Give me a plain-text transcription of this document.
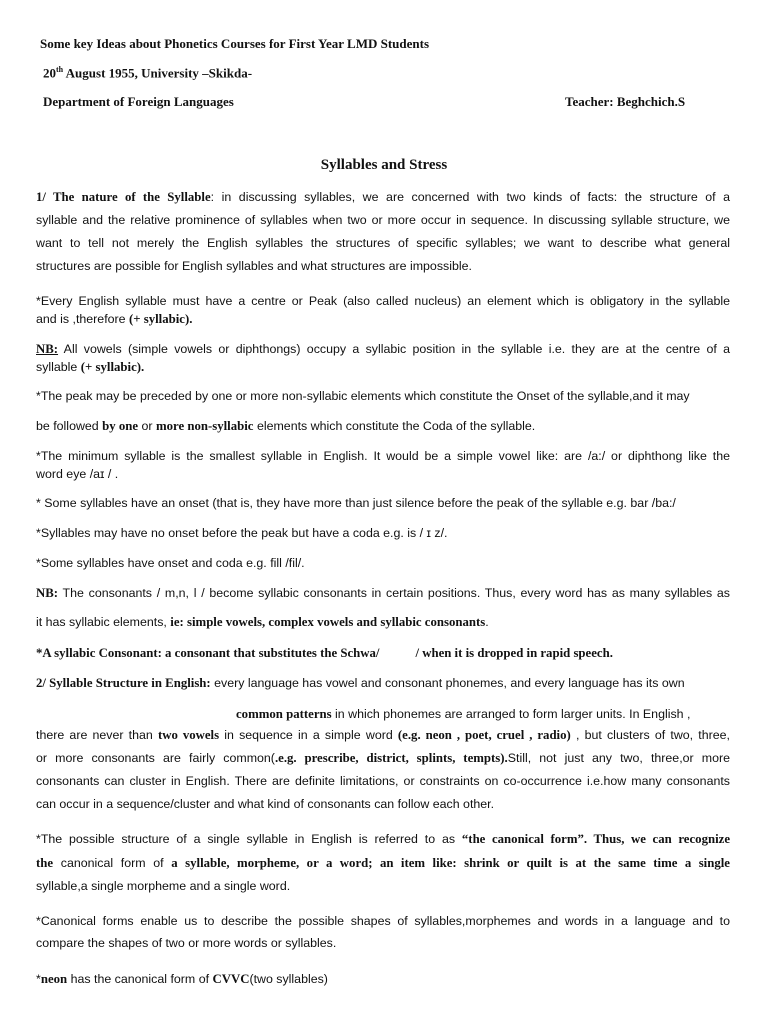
Some key Ideas about Phonetics Courses for First Year LMD Students
20th August 1955, University –Skikda-
Department of Foreign Languages	Teacher: Beghchich.S
Syllables and Stress
1/ The nature of the Syllable: in discussing syllables, we are concerned with two kinds of facts: the structure of a
syllable and the relative prominence of syllables when two or more occur in sequence. In discussing syllable structure, we
want to tell not merely the English syllables the structures of specific syllables; we want to describe what general
structures are possible for English syllables and what structures are impossible.
*Every English syllable must have a centre or Peak (also called nucleus) an element which is obligatory in the syllable
and is ,therefore (+ syllabic).
NB: All vowels (simple vowels or diphthongs) occupy a syllabic position in the syllable i.e. they are at the centre of a
syllable (+ syllabic).
*The peak may be preceded by one or more non-syllabic elements which constitute the Onset of the syllable,and it may
be followed by one or more non-syllabic elements which constitute the Coda of the syllable.
*The minimum syllable is the smallest syllable in English. It would be a simple vowel like: are /a:/ or diphthong like the
word eye /aɪ / .
* Some syllables have an onset (that is, they have more than just silence before the peak of the syllable e.g. bar /ba:/
*Syllables may have no onset before the peak but have a coda e.g. is / ɪ z/.
*Some syllables have onset and coda e.g. fill /fil/.
NB: The consonants / m,n, l / become syllabic consonants in certain positions. Thus, every word has as many syllables as
it has syllabic elements, ie: simple vowels, complex vowels and syllabic consonants.
*A syllabic Consonant: a consonant that substitutes the Schwa/	/ when it is dropped in rapid speech.
2/ Syllable Structure in English: every language has vowel and consonant phonemes, and every language has its own
common patterns in which phonemes are arranged to form larger units. In English ,
there are never than two vowels in sequence in a simple word (e.g. neon , poet, cruel , radio) , but clusters of two, three,
or more consonants are fairly common(.e.g. prescribe, district, splints, tempts).Still, not just any two, three,or more
consonants can cluster in English. There are definite limitations, or constraints on co-occurrence i.e.how many consonants
can occur in a sequence/cluster and what kind of consonants can follow each other.
*The possible structure of a single syllable in English is referred to as “the canonical form”. Thus, we can recognize
the canonical form of a syllable, morpheme, or a word; an item like: shrink or quilt is at the same time a single
syllable,a single morpheme and a single word.
*Canonical forms enable us to describe the possible shapes of syllables,morphemes and words in a language and to
compare the shapes of two or more words or syllables.
*neon has the canonical form of CVVC(two syllables)
